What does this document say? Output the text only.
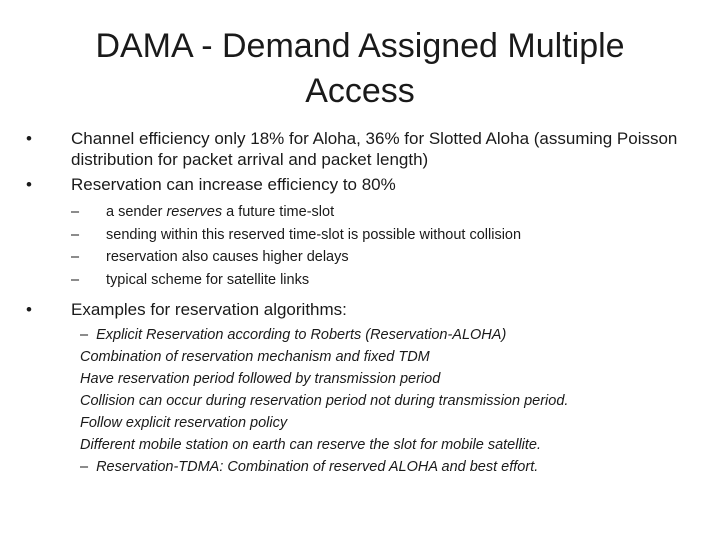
DAMA - Demand Assigned Multiple
Access
•	Channel efficiency only 18% for Aloha, 36% for Slotted Aloha (assuming Poisson distribution for packet arrival and packet length)
•	Reservation can increase efficiency to 80%
–	a sender reserves a future time-slot
–	sending within this reserved time-slot is possible without collision
–	reservation also causes higher delays
–	typical scheme for satellite links
•	Examples for reservation algorithms:
– Explicit Reservation according to Roberts (Reservation-ALOHA)
Combination of reservation mechanism and fixed TDM
Have reservation period followed by transmission period
Collision can occur during reservation period not during transmission period.
Follow explicit reservation policy
Different mobile station on earth can reserve the slot for mobile satellite.
– Reservation-TDMA: Combination of reserved ALOHA and best effort.
